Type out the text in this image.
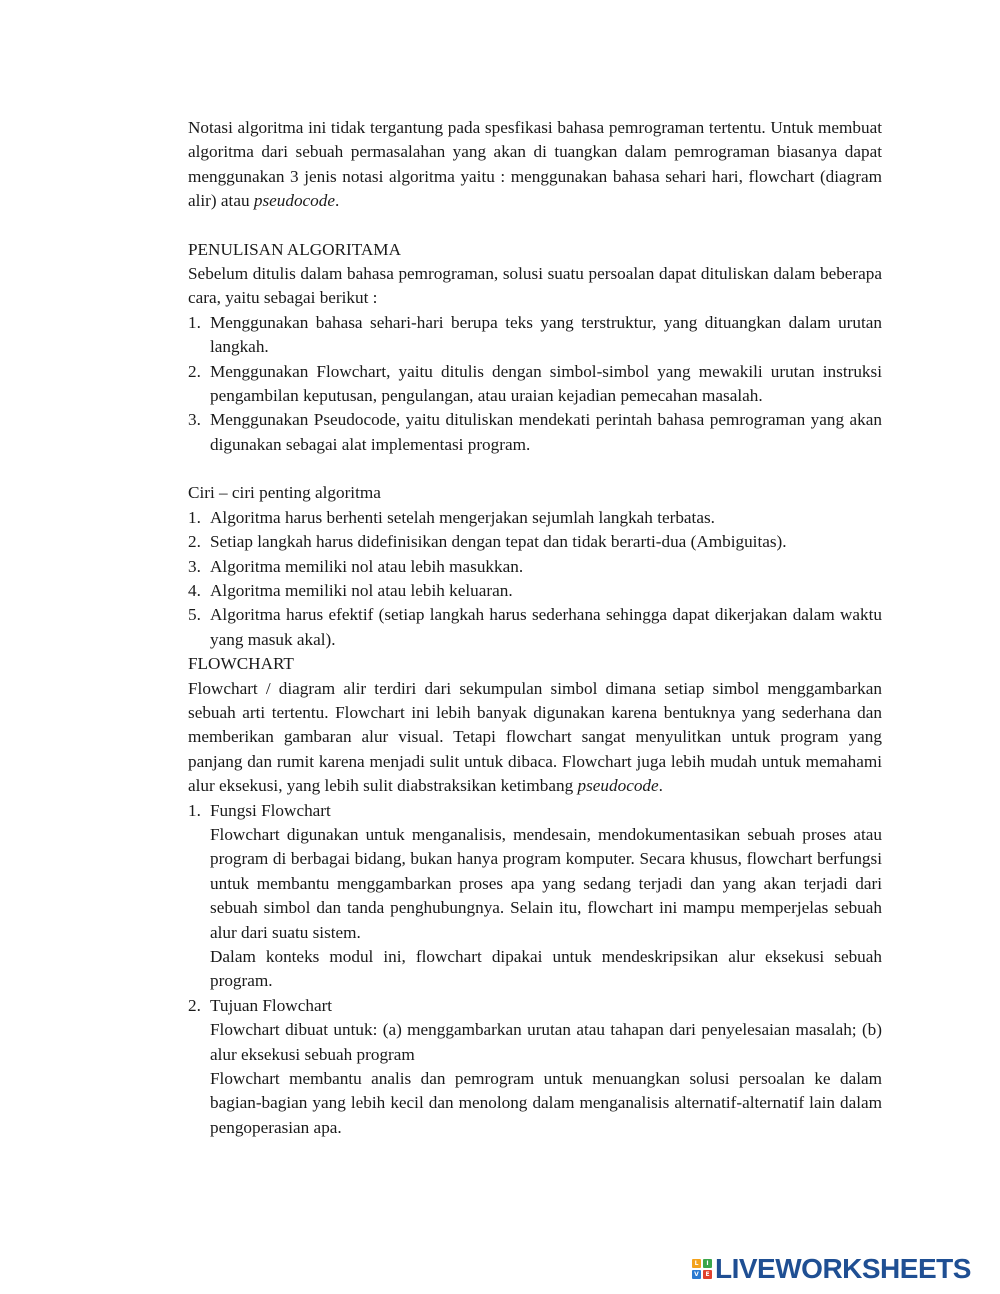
Notasi algoritma ini tidak tergantung pada spesfikasi bahasa pemrograman tertentu. Untuk membuat algoritma dari sebuah permasalahan yang akan di tuangkan dalam pemrograman biasanya dapat menggunakan 3 jenis notasi algoritma yaitu : menggunakan bahasa sehari hari, flowchart (diagram alir) atau pseudocode.

PENULISAN ALGORITAMA

Sebelum ditulis dalam bahasa pemrograman, solusi suatu persoalan dapat dituliskan dalam beberapa cara, yaitu sebagai berikut :

1. Menggunakan bahasa sehari-hari berupa teks yang terstruktur, yang dituangkan dalam urutan langkah.
2. Menggunakan Flowchart, yaitu ditulis dengan simbol-simbol yang mewakili urutan instruksi pengambilan keputusan, pengulangan, atau uraian kejadian pemecahan masalah.
3. Menggunakan Pseudocode, yaitu dituliskan mendekati perintah bahasa pemrograman yang akan digunakan sebagai alat implementasi program.

Ciri – ciri penting algoritma

1. Algoritma harus berhenti setelah mengerjakan sejumlah langkah terbatas.
2. Setiap langkah harus didefinisikan dengan tepat dan tidak berarti-dua (Ambiguitas).
3. Algoritma memiliki nol atau lebih masukkan.
4. Algoritma memiliki nol atau lebih keluaran.
5. Algoritma harus efektif (setiap langkah harus sederhana sehingga dapat dikerjakan dalam waktu yang masuk akal).

FLOWCHART

Flowchart / diagram alir terdiri dari sekumpulan simbol dimana setiap simbol menggambarkan sebuah arti tertentu. Flowchart ini lebih banyak digunakan karena bentuknya yang sederhana dan memberikan gambaran alur visual. Tetapi flowchart sangat menyulitkan untuk program yang panjang dan rumit karena menjadi sulit untuk dibaca. Flowchart juga lebih mudah untuk memahami alur eksekusi, yang lebih sulit diabstraksikan ketimbang pseudocode.

1. Fungsi Flowchart

Flowchart digunakan untuk menganalisis, mendesain, mendokumentasikan sebuah proses atau program di berbagai bidang, bukan hanya program komputer. Secara khusus, flowchart berfungsi untuk membantu menggambarkan proses apa yang sedang terjadi dan yang akan terjadi dari sebuah simbol dan tanda penghubungnya. Selain itu, flowchart ini mampu memperjelas sebuah alur dari suatu sistem.

Dalam konteks modul ini, flowchart dipakai untuk mendeskripsikan alur eksekusi sebuah program.

2. Tujuan Flowchart

Flowchart dibuat untuk: (a) menggambarkan urutan atau tahapan dari penyelesaian masalah; (b) alur eksekusi sebuah program

Flowchart membantu analis dan pemrogram untuk menuangkan solusi persoalan ke dalam bagian-bagian yang lebih kecil dan menolong dalam menganalisis alternatif-alternatif lain dalam pengoperasian apa.

L	I
V	E LIVEWORKSHEETS
